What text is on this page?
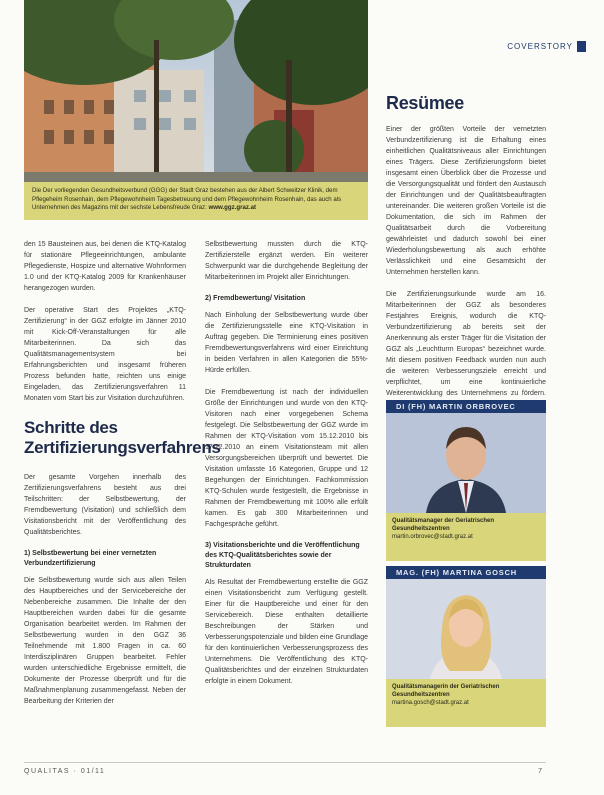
Die Der vorliegenden Gesundheitsverbund (GGG) der Stadt Graz bestehen aus der Albert Schweitzer Klinik, dem Pflegeheim Rosenhain, dem Pflegewohnheim Tagesbetreuung und dem Pflegewohnheim Rosenhain, das auch als Unternehmen des Magazins mit der sechste Lebensfreude Graz: www.ggz.graz.at
COVERSTORY

den 15 Bausteinen aus, bei denen die KTQ-Katalog für stationäre Pflegeeinrichtungen, ambulante Pflegedienste, Hospize und alternative Wohnformen 1.0 und der KTQ-Katalog 2009 für Krankenhäuser herangezogen wurden.

Der operative Start des Projektes „KTQ-Zertifizierung“ in der GGZ erfolgte im Jänner 2010 mit Kick-Off-Veranstaltungen für alle Mitarbeiterinnen. Da sich das Qualitätsmanagementsystem bei Erfahrungsberichten und insgesamt früheren Prozess befunden hatte, reichten uns einige Eingeladen, das Zertifizierungsverfahren 11 Monaten vom Start bis zur Visitation durchzuführen.

Schritte des Zertifizierungsverfahrens

Der gesamte Vorgehen innerhalb des Zertifizierungsverfahrens besteht aus drei Teilschritten: der Selbstbewertung, der Fremdbewertung (Visitation) und schließlich dem Visitationsbericht mit der Veröffentlichung des Qualitätsberichtes.

1) Selbstbewertung bei einer vernetzten Verbundzertifizierung

Die Selbstbewertung wurde sich aus allen Teilen des Hauptbereiches und der Servicebereiche der Nebenbereiche zusammen. Die Inhalte der den Hauptbereichen wurden dabei für die gesamte Organisation bearbeitet werden. Im Rahmen der Selbstbewertung wurden in den GGZ 36 Teilnehmende mit 1.800 Fragen in ca. 60 Interdisziplinären Gruppen bearbeitet. Fehler wurden unterschiedliche Ergebnisse ermittelt, die Dokumente der Prozesse überprüft und für die Maßnahmenplanung zusammengefasst. Neben der Bearbeitung der Kriterien der

Selbstbewertung mussten durch die KTQ-Zertifizierstelle ergänzt werden. Ein weiterer Schwerpunkt war die durchgehende Begleitung der Mitarbeiterinnen im Projekt aller Einrichtungen.

2) Fremdbewertung/ Visitation

Nach Einholung der Selbstbewertung wurde über die Zertifizierungsstelle eine KTQ-Visitation in Auftrag gegeben. Die Terminierung eines positiven Fremdbewertungsverfahrens wird einer Einrichtung in beiden Verfahren in allen Kategorien die 55%-Hürde erfüllen.

Die Fremdbewertung ist nach der individuellen Größe der Einrichtungen und wurde von den KTQ-Visitoren nach einer vorgegebenen Schema festgelegt. Die Selbstbewertung der GGZ wurde im Rahmen der KTQ-Visitation vom 15.12.2010 bis 17.12.2010 an einem Visitationsteam mit allen Versorgungsbereichen überprüft und bewertet. Die Visitation umfasste 16 Kategorien, Gruppe und 12 Begehungen der Einrichtungen. Fachkommission KTQ-Schulen wurde festgestellt, die Ergebnisse in Rahmen der Fremdbewertung mit 100% alle erfüllt kamen. Es gab 300 Mitarbeiterinnen und Fachgespräche geführt.

3) Visitationsberichte und die Veröffentlichung des KTQ-Qualitätsberichtes sowie der Strukturdaten

Als Resultat der Fremdbewertung erstellte die GGZ einen Visitationsbericht zum Verfügung gestellt. Einer für die Hauptbereiche und einer für den Servicebereich. Diese enthalten detaillierte Beschreibungen der Stärken und Verbesserungspotenziale und bilden eine Grundlage für den kontinuierlichen Verbesserungsprozess des Unternehmens. Die Veröffentlichung des KTQ-Qualitätsberichtes und der einzelnen Strukturdaten erfolgte in einem Dokument.

Resümee

Einer der größten Vorteile der vernetzten Verbundzertifizierung ist die Erhaltung eines einheitlichen Qualitätsniveaus aller Einrichtungen eines Trägers. Diese Zertifizierungsform bietet insgesamt einen Überblick über die Prozesse und die Versorgungsqualität und fördert den Austausch der Einrichtungen und der Qualitätsbeauftragten untereinander. Die weiteren großen Vorteile ist die Dokumentation, die sich im Rahmen der Qualitätsarbeit durch die Vorbereitung gewährleistet und dadurch sowohl bei einer Wiederholungsbewertung als auch erhöhte Verlässlichkeit und eine Gesamtsicht der Unternehmen herstellen kann.

Die Zertifizierungsurkunde wurde am 16. Mitarbeiterinnen der GGZ als besonderes Festjahres Ereignis, wodurch die KTQ-Verbundzertifizierung ab bereits seit der Anerkennung als erster Träger für die Visitation der GGZ als „Leuchtturm Europas“ bezeichnet wurde. Mit diesem positiven Feedback wurden nun auch die weiteren Verbesserungsziele erreicht und verpflichtet, um eine kontinuierliche Weiterentwicklung des Unternehmens zu fördern.

DI (FH) MARTIN ORBROVEC
Qualitätsmanager der Geriatrischen Gesundheitszentren
martin.orbrovec@stadt.graz.at
MAG. (FH) MARTINA GOSCH
Qualitätsmanagerin der Geriatrischen Gesundheitszentren
martina.gosch@stadt.graz.at
QUALITAS · 01/11	7
